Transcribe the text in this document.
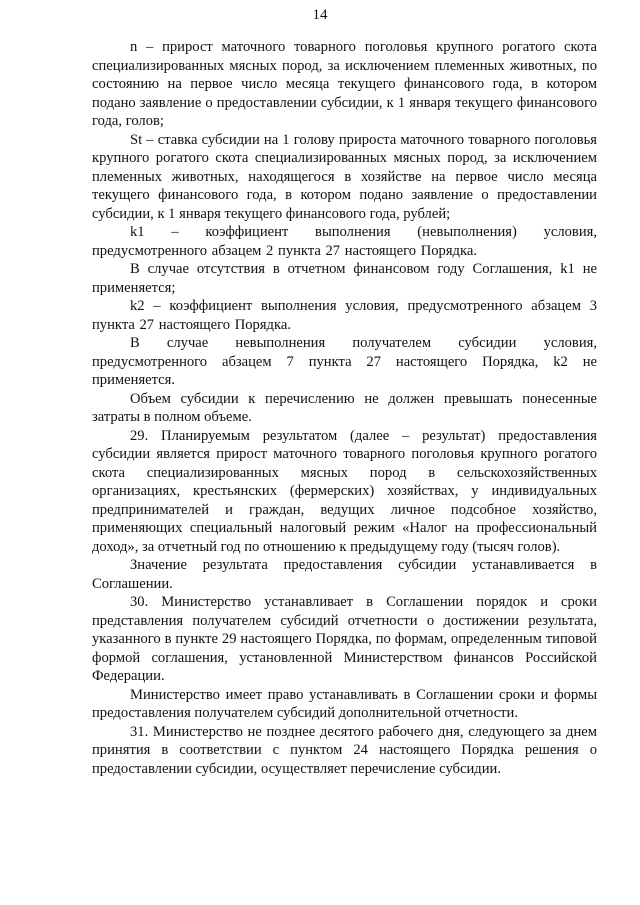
14

n – прирост маточного товарного поголовья крупного рогатого скота специализированных мясных пород, за исключением племенных животных, по состоянию на первое число месяца текущего финансового года, в котором подано заявление о предоставлении субсидии, к 1 января текущего финансового года, голов;

St – ставка субсидии на 1 голову прироста маточного товарного поголовья крупного рогатого скота специализированных мясных пород, за исключением племенных животных, находящегося в хозяйстве на первое число месяца текущего финансового года, в котором подано заявление о предоставлении субсидии, к 1 января текущего финансового года, рублей;

k1 – коэффициент выполнения (невыполнения) условия, предусмотренного абзацем 2 пункта 27 настоящего Порядка.

В случае отсутствия в отчетном финансовом году Соглашения, k1 не применяется;

k2 – коэффициент выполнения условия, предусмотренного абзацем 3 пункта 27 настоящего Порядка.

В случае невыполнения получателем субсидии условия, предусмотренного абзацем 7 пункта 27 настоящего Порядка, k2 не применяется.

Объем субсидии к перечислению не должен превышать понесенные затраты в полном объеме.

29. Планируемым результатом (далее – результат) предоставления субсидии является прирост маточного товарного поголовья крупного рогатого скота специализированных мясных пород в сельскохозяйственных организациях, крестьянских (фермерских) хозяйствах, у индивидуальных предпринимателей и граждан, ведущих личное подсобное хозяйство, применяющих специальный налоговый режим «Налог на профессиональный доход», за отчетный год по отношению к предыдущему году (тысяч голов).

Значение результата предоставления субсидии устанавливается в Соглашении.

30. Министерство устанавливает в Соглашении порядок и сроки представления получателем субсидий отчетности о достижении результата, указанного в пункте 29 настоящего Порядка, по формам, определенным типовой формой соглашения, установленной Министерством финансов Российской Федерации.

Министерство имеет право устанавливать в Соглашении сроки и формы предоставления получателем субсидий дополнительной отчетности.

31. Министерство не позднее десятого рабочего дня, следующего за днем принятия в соответствии с пунктом 24 настоящего Порядка решения о предоставлении субсидии, осуществляет перечисление субсидии.
